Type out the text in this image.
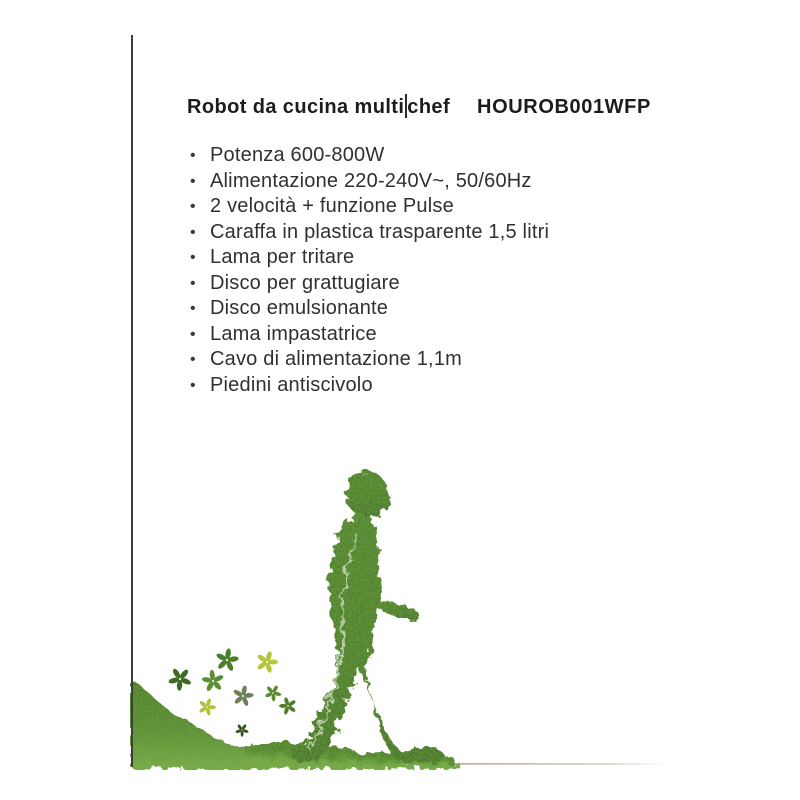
Robot da cucina multi chef HOUROB001WFP
• Potenza 600-800W
• Alimentazione 220-240V~, 50/60Hz
• 2 velocità + funzione Pulse
• Caraffa in plastica trasparente 1,5 litri
• Lama per tritare
• Disco per grattugiare
• Disco emulsionante
• Lama impastatrice
• Cavo di alimentazione 1,1m
• Piedini antiscivolo
